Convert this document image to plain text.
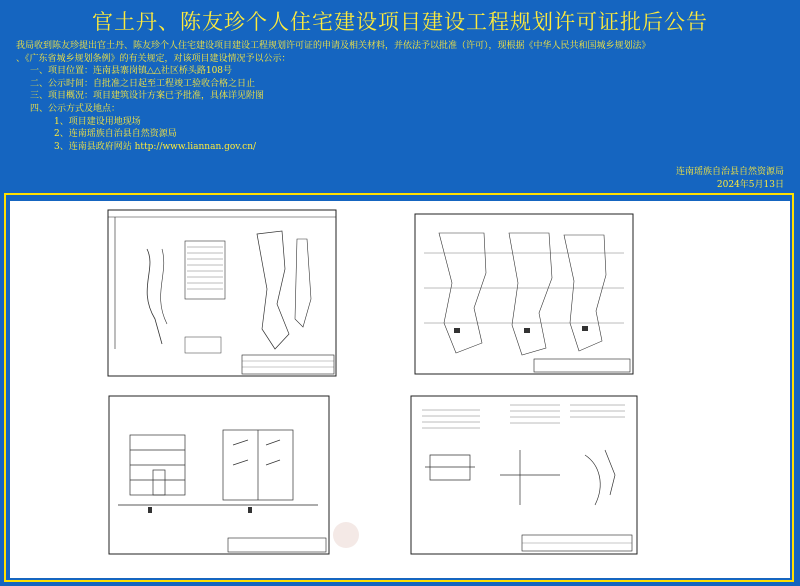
官土丹、陈友珍个人住宅建设项目建设工程规划许可证批后公告

我局收到陈友珍提出官土丹、陈友珍个人住宅建设项目建设工程规划许可证的申请及相关材料，并依法予以批准（许可），现根据《中华人民共和国城乡规划法》

、《广东省城乡规划条例》的有关规定，对该项目建设情况予以公示：

一、项目位置：连南县寨岗镇△△社区桥头路108号

二、公示时间：自批准之日起至工程竣工验收合格之日止

三、项目概况：项目建筑设计方案已予批准，具体详见附图

四、公示方式及地点：

1、项目建设用地现场

2、连南瑶族自治县自然资源局

3、连南县政府网站 http://www.liannan.gov.cn/

连南瑶族自治县自然资源局
2024年5月13日
